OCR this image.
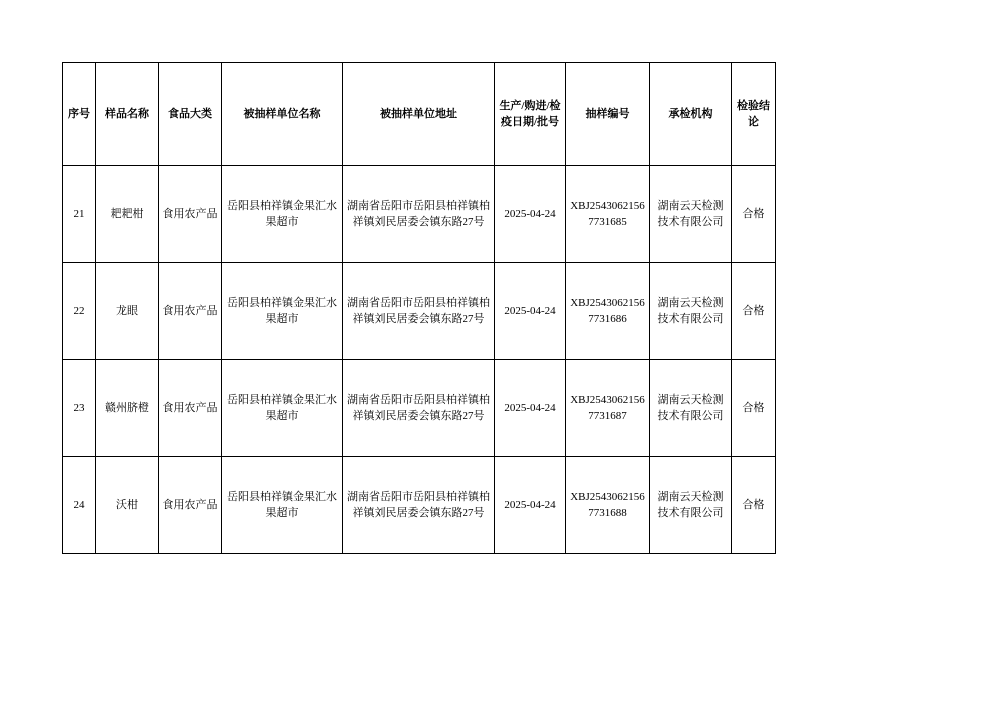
序号	样品名称	食品大类	被抽样单位名称	被抽样单位地址	生产/购进/检疫日期/批号	抽样编号	承检机构	检验结论
21	耙耙柑	食用农产品	岳阳县柏祥镇金果汇水果超市	湖南省岳阳市岳阳县柏祥镇柏祥镇刘民居委会镇东路27号	2025-04-24	XBJ25430621567731685	湖南云天检测技术有限公司	合格
22	龙眼	食用农产品	岳阳县柏祥镇金果汇水果超市	湖南省岳阳市岳阳县柏祥镇柏祥镇刘民居委会镇东路27号	2025-04-24	XBJ25430621567731686	湖南云天检测技术有限公司	合格
23	赣州脐橙	食用农产品	岳阳县柏祥镇金果汇水果超市	湖南省岳阳市岳阳县柏祥镇柏祥镇刘民居委会镇东路27号	2025-04-24	XBJ25430621567731687	湖南云天检测技术有限公司	合格
24	沃柑	食用农产品	岳阳县柏祥镇金果汇水果超市	湖南省岳阳市岳阳县柏祥镇柏祥镇刘民居委会镇东路27号	2025-04-24	XBJ25430621567731688	湖南云天检测技术有限公司	合格
